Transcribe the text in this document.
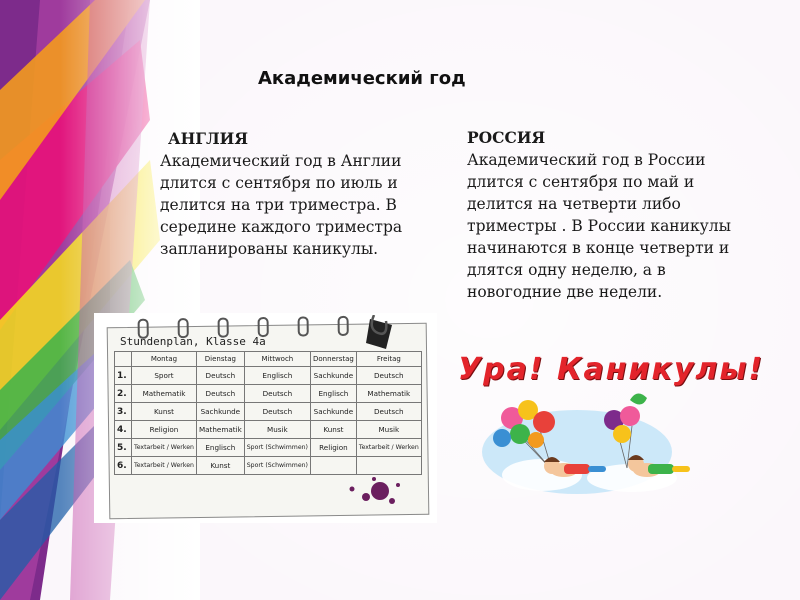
Академический год
АНГЛИЯ

Академический год в Англии длится с сентября по июль и делится на три триместра. В середине каждого триместра запланированы каникулы.

РОССИЯ

Академический год в России длится с сентября по май и делится на четверти либо триместры . В России каникулы начинаются в конце четверти и длятся одну неделю, а в новогодние две недели.

Stundenplan, Klasse 4a
	Montag	Dienstag	Mittwoch	Donnerstag	Freitag
1.	Sport	Deutsch	Englisch	Sachkunde	Deutsch
2.	Mathematik	Deutsch	Deutsch	Englisch	Mathematik
3.	Kunst	Sachkunde	Deutsch	Sachkunde	Deutsch
4.	Religion	Mathematik	Musik	Kunst	Musik
5.	Textarbeit / Werken	Englisch	Sport (Schwimmen)	Religion	Textarbeit / Werken
6.	Textarbeit / Werken	Kunst	Sport (Schwimmen)		
Ура! Каникулы!
